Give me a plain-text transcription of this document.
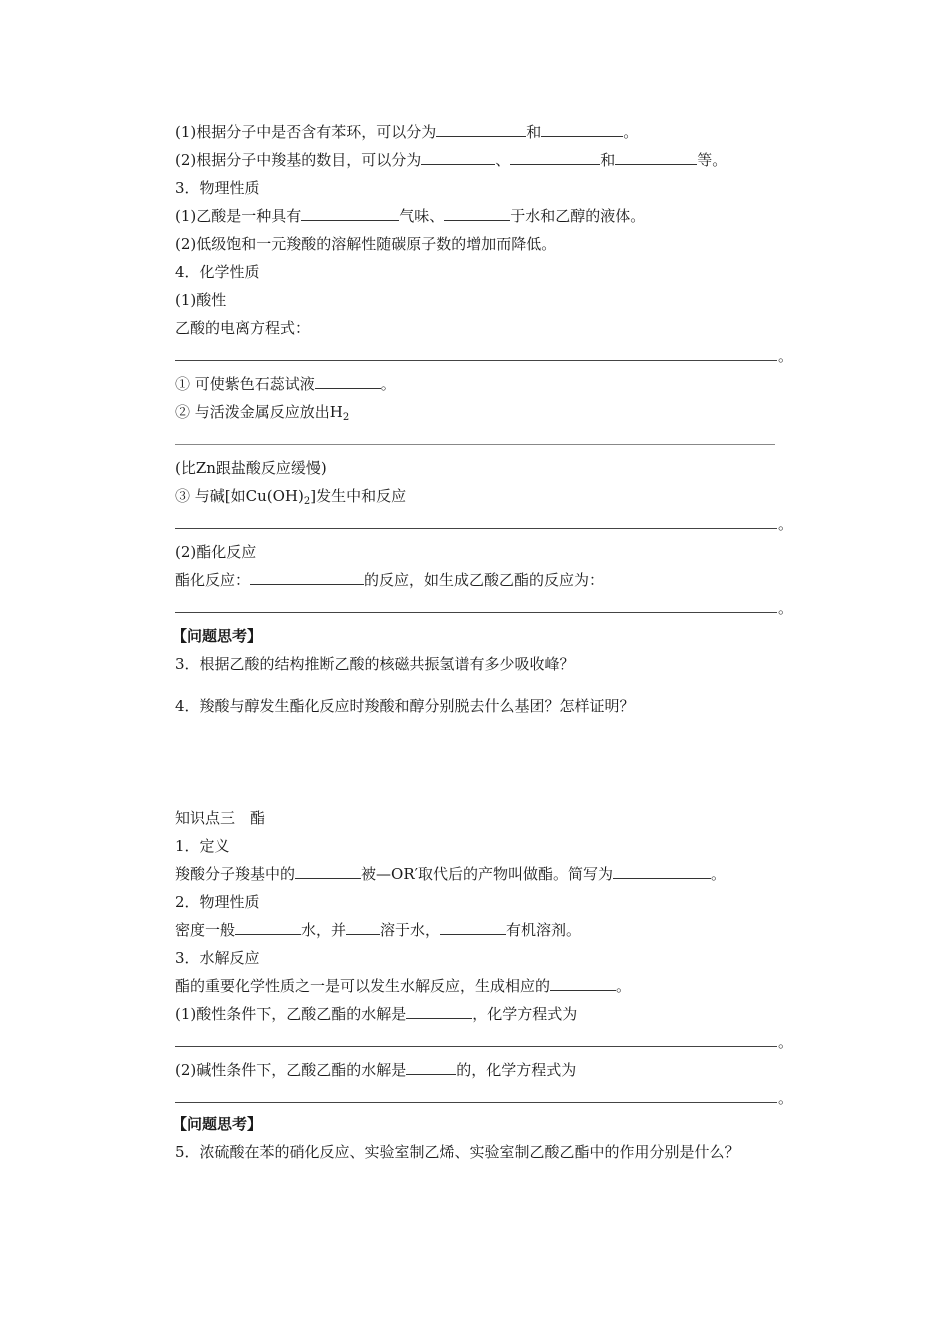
(1)根据分子中是否含有苯环，可以分为	和	。
(2)根据分子中羧基的数目，可以分为	、	和	等。
3．物理性质
(1)乙酸是一种具有	气味、	于水和乙醇的液体。
(2)低级饱和一元羧酸的溶解性随碳原子数的增加而降低。
4．化学性质
(1)酸性
乙酸的电离方程式：
。
① 可使紫色石蕊试液	。
② 与活泼金属反应放出$H_2$
(比Zn跟盐酸反应缓慢)
③ 与碱[如$Cu(OH)_2$]发生中和反应
。
(2)酯化反应
酯化反应：	的反应，如生成乙酸乙酯的反应为：
。
【问题思考】
3．根据乙酸的结构推断乙酸的核磁共振氢谱有多少吸收峰？
4．羧酸与醇发生酯化反应时羧酸和醇分别脱去什么基团？怎样证明？
知识点三　酯
1．定义
羧酸分子羧基中的	被—OR′取代后的产物叫做酯。简写为	。
2．物理性质
密度一般	水，并 溶于水，	有机溶剂。
3．水解反应
酯的重要化学性质之一是可以发生水解反应，生成相应的	。
(1)酸性条件下，乙酸乙酯的水解是	，化学方程式为
。
(2)碱性条件下，乙酸乙酯的水解是	的，化学方程式为
。
【问题思考】
5．浓硫酸在苯的硝化反应、实验室制乙烯、实验室制乙酸乙酯中的作用分别是什么？
